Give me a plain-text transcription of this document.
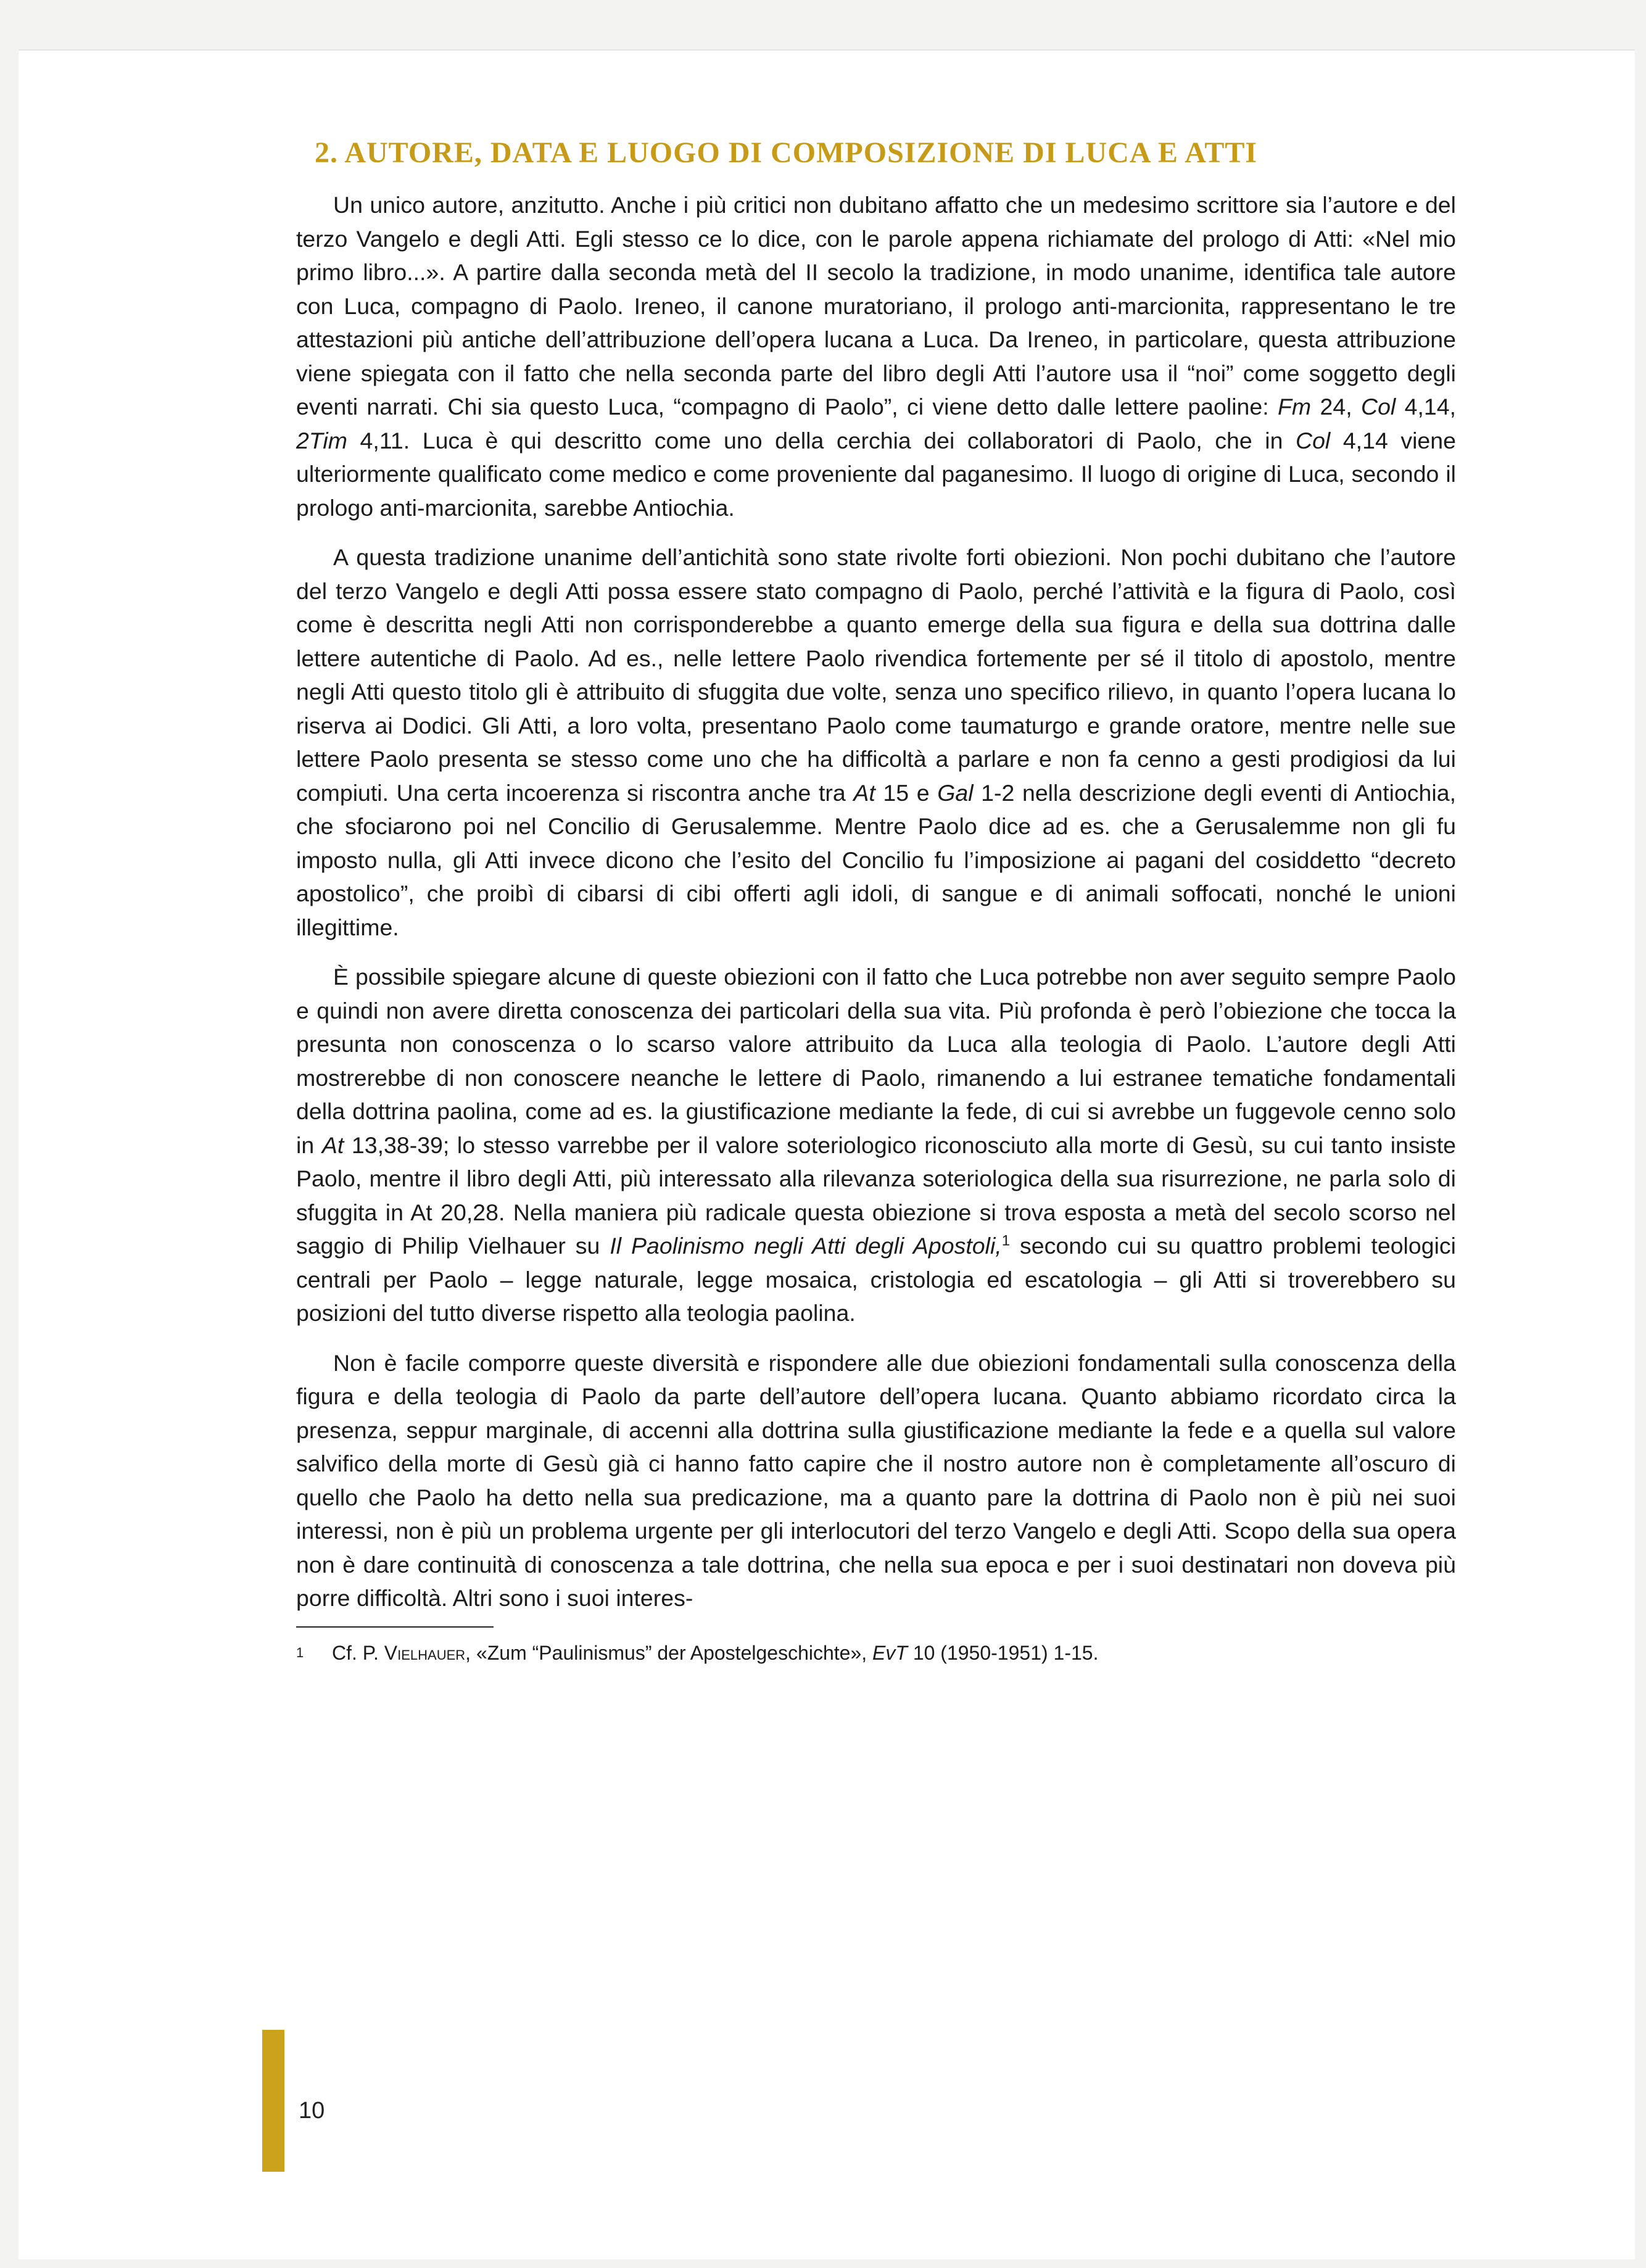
2. AUTORE, DATA E LUOGO DI COMPOSIZIONE DI LUCA E ATTI

Un unico autore, anzitutto. Anche i più critici non dubitano affatto che un medesimo scrittore sia l’autore e del terzo Vangelo e degli Atti. Egli stesso ce lo dice, con le parole appena richiamate del prologo di Atti: «Nel mio primo libro...». A partire dalla seconda metà del II secolo la tradizione, in modo unanime, identifica tale autore con Luca, compagno di Paolo. Ireneo, il canone muratoriano, il prologo anti-marcionita, rappresentano le tre attestazioni più antiche dell’attribuzione dell’opera lucana a Luca. Da Ireneo, in particolare, questa attribuzione viene spiegata con il fatto che nella seconda parte del libro degli Atti l’autore usa il “noi” come soggetto degli eventi narrati. Chi sia questo Luca, “compagno di Paolo”, ci viene detto dalle lettere paoline: Fm 24, Col 4,14, 2Tim 4,11. Luca è qui descritto come uno della cerchia dei collaboratori di Paolo, che in Col 4,14 viene ulteriormente qualificato come medico e come proveniente dal paganesimo. Il luogo di origine di Luca, secondo il prologo anti-marcionita, sarebbe Antiochia.

A questa tradizione unanime dell’antichità sono state rivolte forti obiezioni. Non pochi dubitano che l’autore del terzo Vangelo e degli Atti possa essere stato compagno di Paolo, perché l’attività e la figura di Paolo, così come è descritta negli Atti non corrisponderebbe a quanto emerge della sua figura e della sua dottrina dalle lettere autentiche di Paolo. Ad es., nelle lettere Paolo rivendica fortemente per sé il titolo di apostolo, mentre negli Atti questo titolo gli è attribuito di sfuggita due volte, senza uno specifico rilievo, in quanto l’opera lucana lo riserva ai Dodici. Gli Atti, a loro volta, presentano Paolo come taumaturgo e grande oratore, mentre nelle sue lettere Paolo presenta se stesso come uno che ha difficoltà a parlare e non fa cenno a gesti prodigiosi da lui compiuti. Una certa incoerenza si riscontra anche tra At 15 e Gal 1-2 nella descrizione degli eventi di Antiochia, che sfociarono poi nel Concilio di Gerusalemme. Mentre Paolo dice ad es. che a Gerusalemme non gli fu imposto nulla, gli Atti invece dicono che l’esito del Concilio fu l’imposizione ai pagani del cosiddetto “decreto apostolico”, che proibì di cibarsi di cibi offerti agli idoli, di sangue e di animali soffocati, nonché le unioni illegittime.

È possibile spiegare alcune di queste obiezioni con il fatto che Luca potrebbe non aver seguito sempre Paolo e quindi non avere diretta conoscenza dei particolari della sua vita. Più profonda è però l’obiezione che tocca la presunta non conoscenza o lo scarso valore attribuito da Luca alla teologia di Paolo. L’autore degli Atti mostrerebbe di non conoscere neanche le lettere di Paolo, rimanendo a lui estranee tematiche fondamentali della dottrina paolina, come ad es. la giustificazione mediante la fede, di cui si avrebbe un fuggevole cenno solo in At 13,38-39; lo stesso varrebbe per il valore soteriologico riconosciuto alla morte di Gesù, su cui tanto insiste Paolo, mentre il libro degli Atti, più interessato alla rilevanza soteriologica della sua risurrezione, ne parla solo di sfuggita in At 20,28. Nella maniera più radicale questa obiezione si trova esposta a metà del secolo scorso nel saggio di Philip Vielhauer su Il Paolinismo negli Atti degli Apostoli,$^1$ secondo cui su quattro problemi teologici centrali per Paolo – legge naturale, legge mosaica, cristologia ed escatologia – gli Atti si troverebbero su posizioni del tutto diverse rispetto alla teologia paolina.

Non è facile comporre queste diversità e rispondere alle due obiezioni fondamentali sulla conoscenza della figura e della teologia di Paolo da parte dell’autore dell’opera lucana. Quanto abbiamo ricordato circa la presenza, seppur marginale, di accenni alla dottrina sulla giustificazione mediante la fede e a quella sul valore salvifico della morte di Gesù già ci hanno fatto capire che il nostro autore non è completamente all’oscuro di quello che Paolo ha detto nella sua predicazione, ma a quanto pare la dottrina di Paolo non è più nei suoi interessi, non è più un problema urgente per gli interlocutori del terzo Vangelo e degli Atti. Scopo della sua opera non è dare continuità di conoscenza a tale dottrina, che nella sua epoca e per i suoi destinatari non doveva più porre difficoltà. Altri sono i suoi interes-

1 Cf. P. Vielhauer, «Zum “Paulinismus” der Apostelgeschichte», EvT 10 (1950-1951) 1-15.
10
